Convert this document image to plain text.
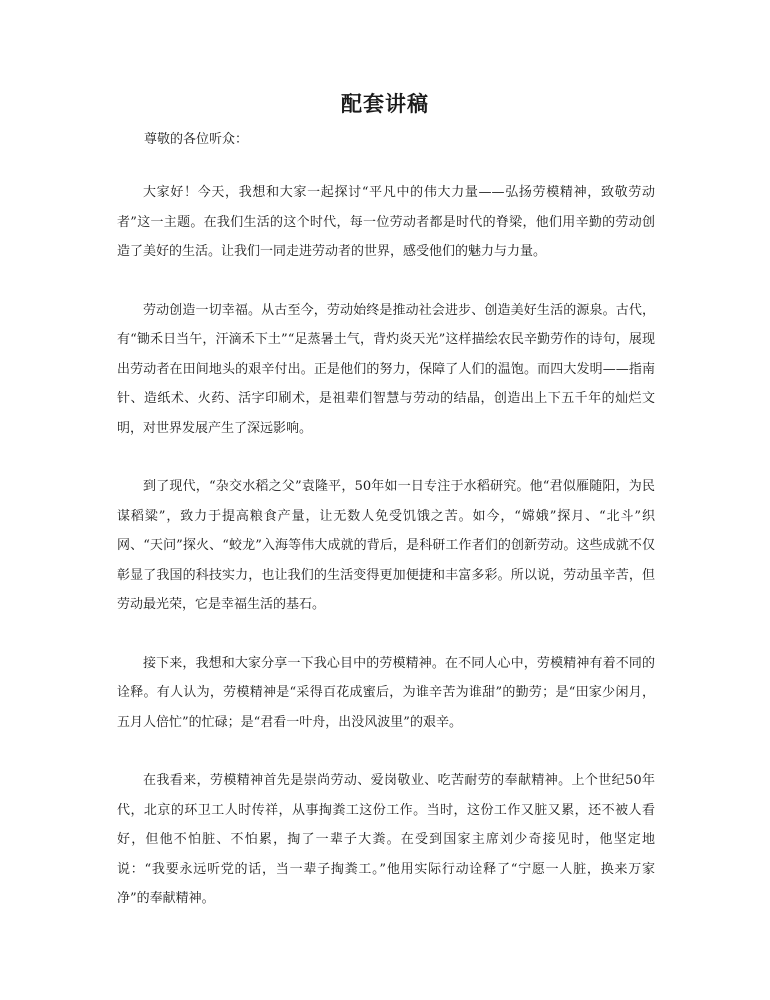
配套讲稿
尊敬的各位听众：

大家好！今天，我想和大家一起探讨“平凡中的伟大力量——弘扬劳模精神，致敬劳动者”这一主题。在我们生活的这个时代，每一位劳动者都是时代的脊梁，他们用辛勤的劳动创造了美好的生活。让我们一同走进劳动者的世界，感受他们的魅力与力量。

劳动创造一切幸福。从古至今，劳动始终是推动社会进步、创造美好生活的源泉。古代，有“锄禾日当午，汗滴禾下土”“足蒸暑土气，背灼炎天光”这样描绘农民辛勤劳作的诗句，展现出劳动者在田间地头的艰辛付出。正是他们的努力，保障了人们的温饱。而四大发明——指南针、造纸术、火药、活字印刷术，是祖辈们智慧与劳动的结晶，创造出上下五千年的灿烂文明，对世界发展产生了深远影响。

到了现代，“杂交水稻之父”袁隆平，50年如一日专注于水稻研究。他“君似雁随阳，为民谋稻粱”，致力于提高粮食产量，让无数人免受饥饿之苦。如今，“嫦娥”探月、“北斗”织网、“天问”探火、“蛟龙”入海等伟大成就的背后，是科研工作者们的创新劳动。这些成就不仅彰显了我国的科技实力，也让我们的生活变得更加便捷和丰富多彩。所以说，劳动虽辛苦，但劳动最光荣，它是幸福生活的基石。

接下来，我想和大家分享一下我心目中的劳模精神。在不同人心中，劳模精神有着不同的诠释。有人认为，劳模精神是“采得百花成蜜后，为谁辛苦为谁甜”的勤劳；是“田家少闲月，五月人倍忙”的忙碌；是“君看一叶舟，出没风波里”的艰辛。

在我看来，劳模精神首先是崇尚劳动、爱岗敬业、吃苦耐劳的奉献精神。上个世纪50年代，北京的环卫工人时传祥，从事掏粪工这份工作。当时，这份工作又脏又累，还不被人看好，但他不怕脏、不怕累，掏了一辈子大粪。在受到国家主席刘少奇接见时，他坚定地说：“我要永远听党的话，当一辈子掏粪工。”他用实际行动诠释了“宁愿一人脏，换来万家净”的奉献精神。
